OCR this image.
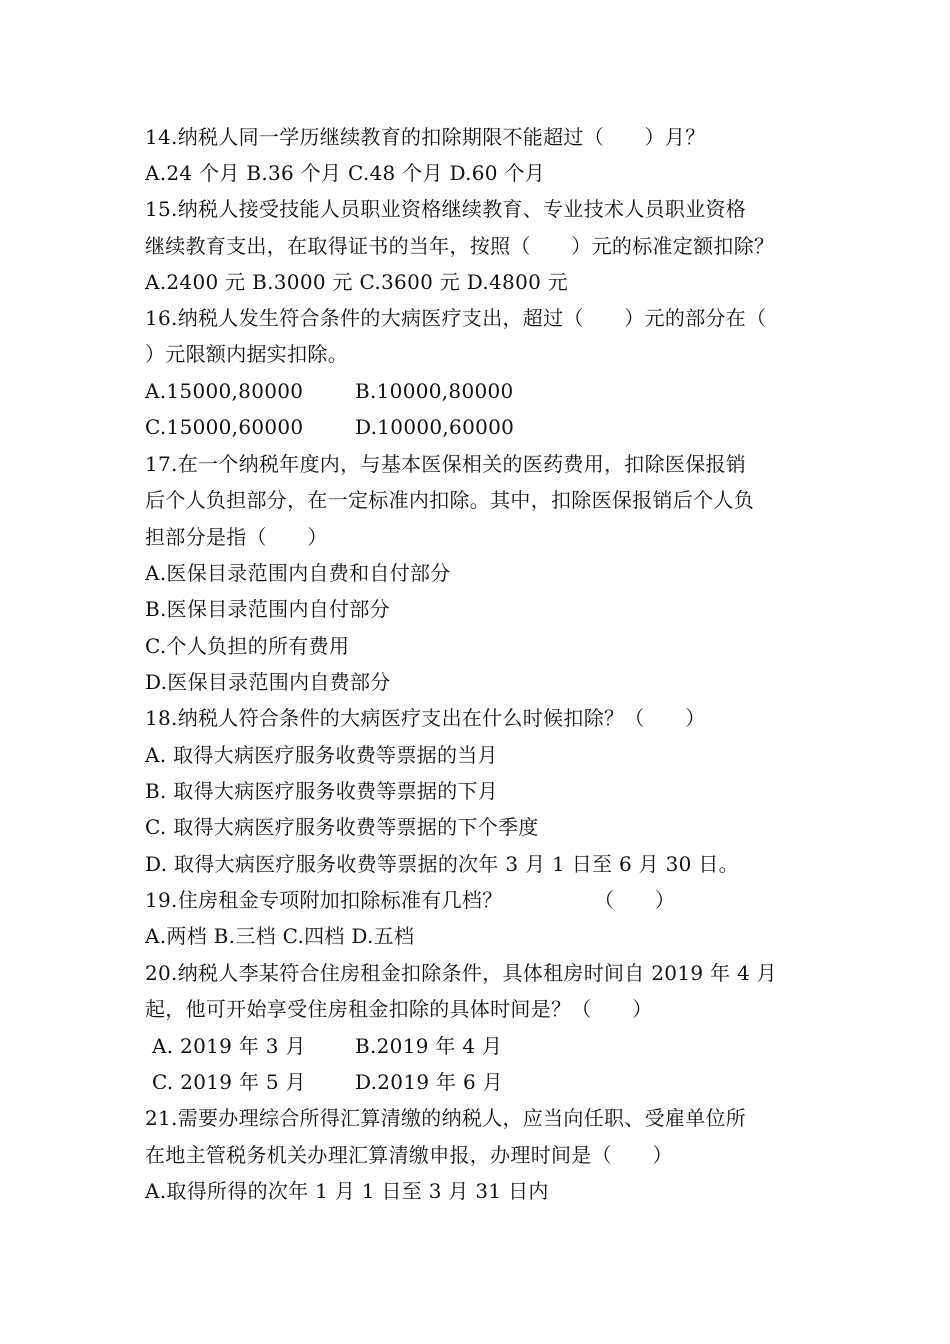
14.纳税人同一学历继续教育的扣除期限不能超过（　　）月？
A.24 个月 B.36 个月 C.48 个月 D.60 个月
15.纳税人接受技能人员职业资格继续教育、专业技术人员职业资格
继续教育支出，在取得证书的当年，按照（　　）元的标准定额扣除？
A.2400 元 B.3000 元 C.3600 元 D.4800 元
16.纳税人发生符合条件的大病医疗支出，超过（　　）元的部分在（
）元限额内据实扣除。
A.15000,80000	B.10000,80000
C.15000,60000	D.10000,60000
17.在一个纳税年度内，与基本医保相关的医药费用，扣除医保报销
后个人负担部分，在一定标准内扣除。其中，扣除医保报销后个人负
担部分是指（　　）
A.医保目录范围内自费和自付部分
B.医保目录范围内自付部分
C.个人负担的所有费用
D.医保目录范围内自费部分
18.纳税人符合条件的大病医疗支出在什么时候扣除？（　　）
A. 取得大病医疗服务收费等票据的当月
B. 取得大病医疗服务收费等票据的下月
C. 取得大病医疗服务收费等票据的下个季度
D. 取得大病医疗服务收费等票据的次年 3 月 1 日至 6 月 30 日。
19.住房租金专项附加扣除标准有几档？　　　　　（　　）
A.两档 B.三档 C.四档 D.五档
20.纳税人李某符合住房租金扣除条件，具体租房时间自 2019 年 4 月
起，他可开始享受住房租金扣除的具体时间是？（　　）
A. 2019 年 3 月 B.2019 年 4 月
C. 2019 年 5 月 D.2019 年 6 月
21.需要办理综合所得汇算清缴的纳税人，应当向任职、受雇单位所
在地主管税务机关办理汇算清缴申报，办理时间是（　　）
A.取得所得的次年 1 月 1 日至 3 月 31 日内
